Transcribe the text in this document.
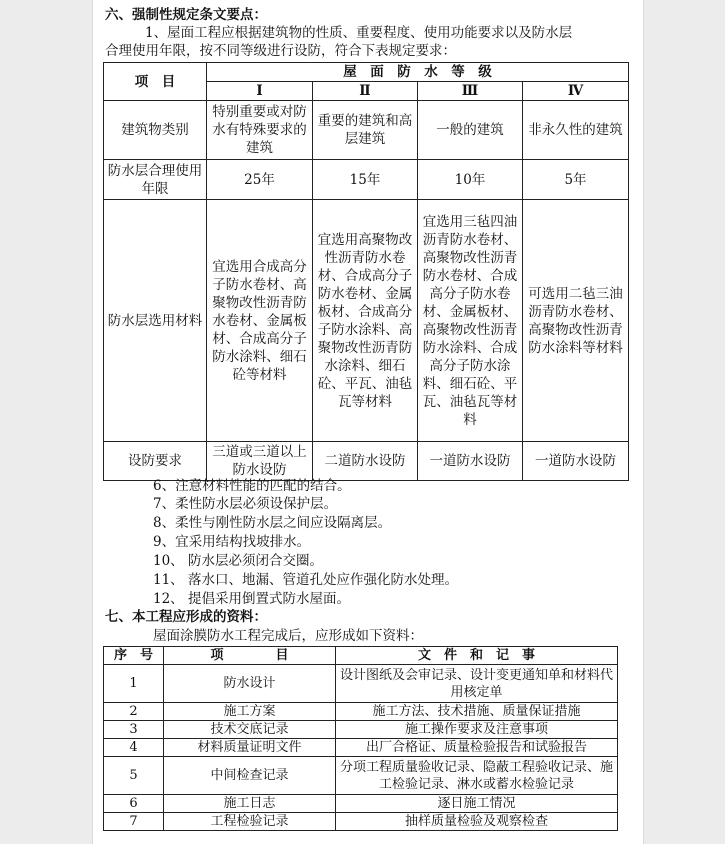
六、强制性规定条文要点：
1、屋面工程应根据建筑物的性质、重要程度、使用功能要求以及防水层
合理使用年限，按不同等级进行设防，符合下表规定要求：
项　目	屋　面　防　水　等　级			
	Ⅰ	Ⅱ	Ⅲ	Ⅳ
建筑物类别	特别重要或对防水有特殊要求的建筑	重要的建筑和高层建筑	一般的建筑	非永久性的建筑
防水层合理使用年限	25年	15年	10年	5年
防水层选用材料	宜选用合成高分子防水卷材、高聚物改性沥青防水卷材、金属板材、合成高分子防水涂料、细石砼等材料	宜选用高聚物改性沥青防水卷材、合成高分子防水卷材、金属板材、合成高分子防水涂料、高聚物改性沥青防水涂料、细石砼、平瓦、油毡瓦等材料	宜选用三毡四油沥青防水卷材、高聚物改性沥青防水卷材、合成高分子防水卷材、金属板材、高聚物改性沥青防水涂料、合成高分子防水涂料、细石砼、平瓦、油毡瓦等材料	可选用二毡三油沥青防水卷材、高聚物改性沥青防水涂料等材料
设防要求	三道或三道以上防水设防	二道防水设防	一道防水设防	一道防水设防
6、注意材料性能的匹配的结合。
7、柔性防水层必须设保护层。
8、柔性与刚性防水层之间应设隔离层。
9、宜采用结构找坡排水。
10、 防水层必须闭合交圈。
11、 落水口、地漏、管道孔处应作强化防水处理。
12、 提倡采用倒置式防水屋面。
七、本工程应形成的资料：
屋面涂膜防水工程完成后，应形成如下资料：
序　号	项　　　　目	文　件　和　记　事
1	防水设计	设计图纸及会审记录、设计变更通知单和材料代用核定单
2	施工方案	施工方法、技术措施、质量保证措施
3	技术交底记录	施工操作要求及注意事项
4	材料质量证明文件	出厂合格证、质量检验报告和试验报告
5	中间检查记录	分项工程质量验收记录、隐蔽工程验收记录、施工检验记录、淋水或蓄水检验记录
6	施工日志	逐日施工情况
7	工程检验记录	抽样质量检验及观察检查
